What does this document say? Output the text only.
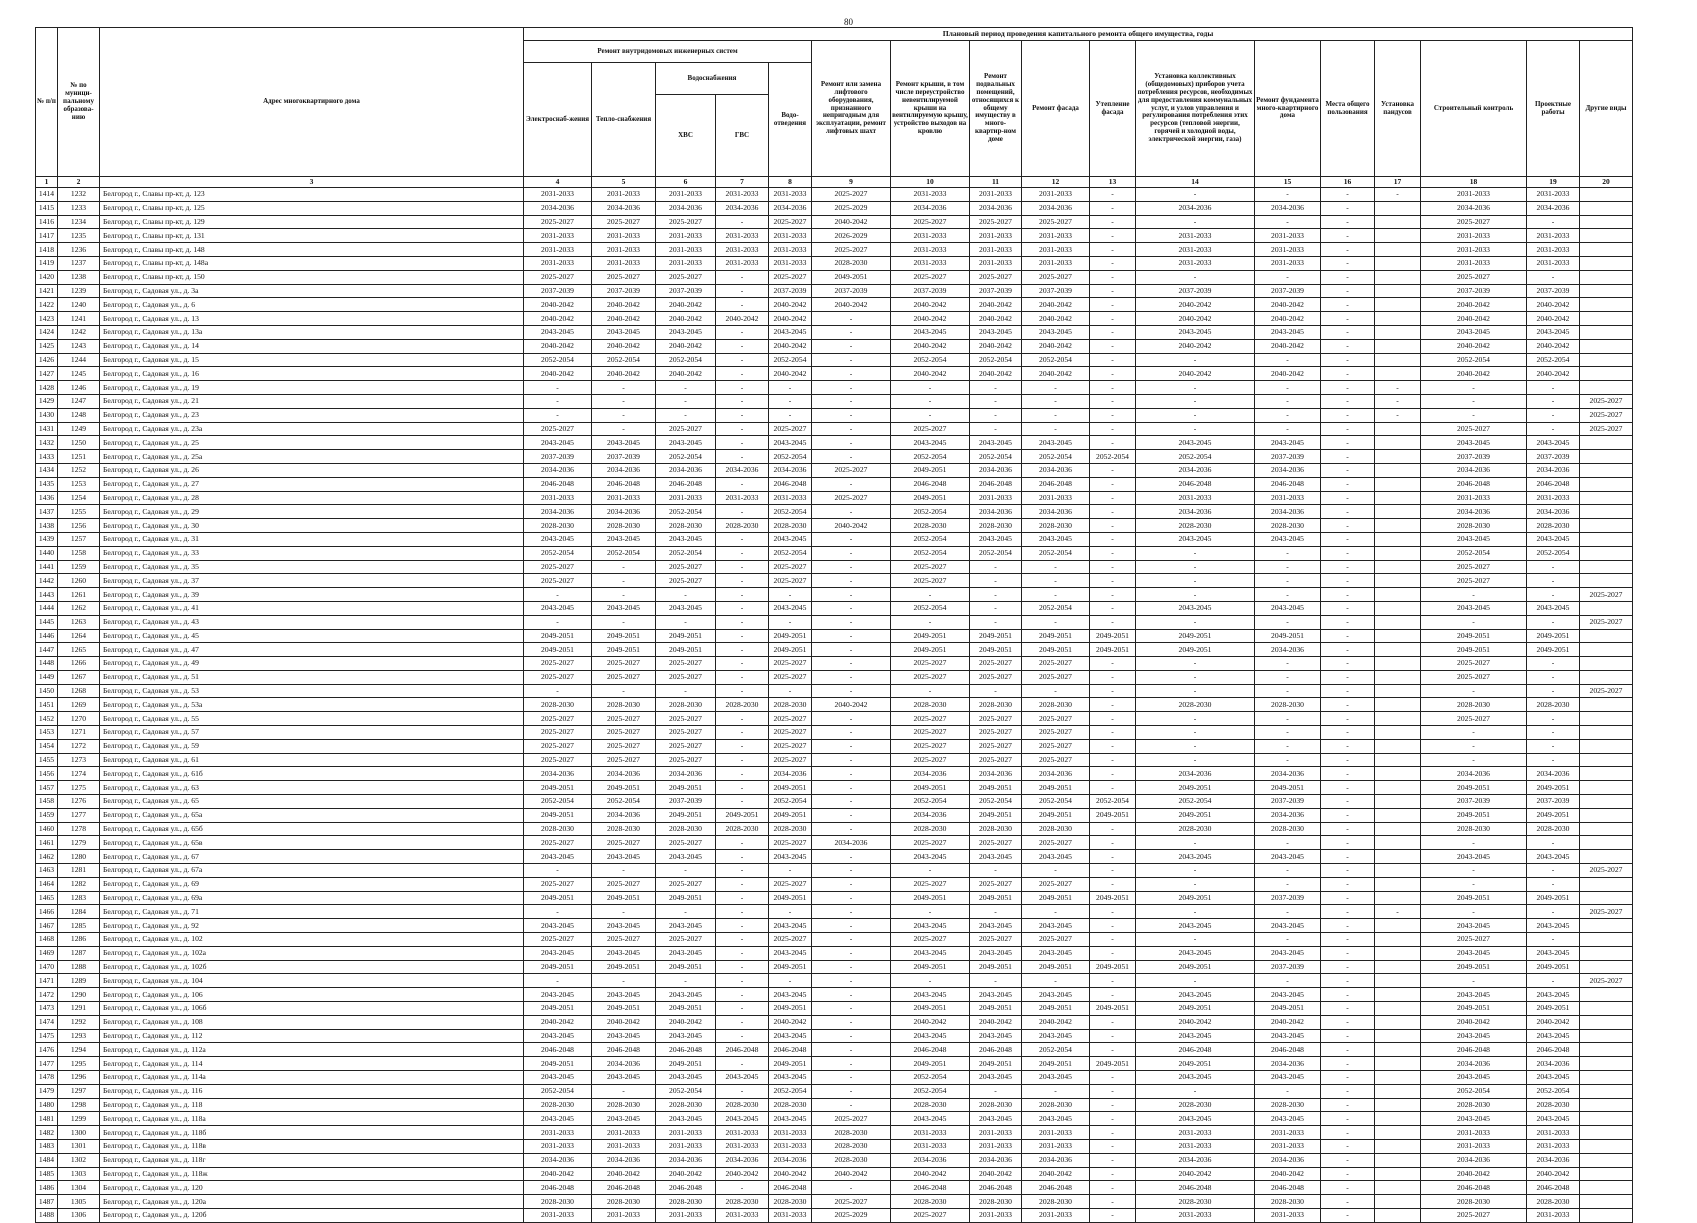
80
№ п/п	№ по муници-пальному образова-нию	Адрес многоквартирного дома	Плановый период проведения капитального ремонта общего имущества, годы																
			Ремонт внутридомовых инженерных систем					Ремонт или замена лифтового оборудования, признанного непригодным для эксплуатации, ремонт лифтовых шахт	Ремонт крыши, в том числе переустройство невентилируемой крыши на вентилируемую крышу, устройство выходов на кровлю	Ремонт подвальных помещений, относящихся к общему имуществу в много-квартир-ном доме	Ремонт фасада	Утепление фасада	Установка коллективных (общедомовых) приборов учета потребления ресурсов, необходимых для предоставления коммунальных услуг, и узлов управления и регулирования потребления этих ресурсов (тепловой энергии, горячей и холодной воды, электрической энергии, газа)	Ремонт фундамента много-квартирного дома	Места общего пользования	Установка пандусов	Строительный контроль	Проектные работы	Другие виды
			Электроснаб-жения	Тепло-снабжения	Водоснабжения		Водо-отведения												
					ХВС	ГВС													
1	2	3	4	5	6	7	8	9	10	11	12	13	14	15	16	17	18	19	20
1414	1232	Белгород г., Славы пр-кт, д. 123	2031-2033	2031-2033	2031-2033	2031-2033	2031-2033	2025-2027	2031-2033	2031-2033	2031-2033	-	-	-	-	-	2031-2033	2031-2033	
1415	1233	Белгород г., Славы пр-кт, д. 125	2034-2036	2034-2036	2034-2036	2034-2036	2034-2036	2025-2029	2034-2036	2034-2036	2034-2036	-	2034-2036	2034-2036	-		2034-2036	2034-2036	
1416	1234	Белгород г., Славы пр-кт, д. 129	2025-2027	2025-2027	2025-2027	-	2025-2027	2040-2042	2025-2027	2025-2027	2025-2027	-	-	-	-		2025-2027	-	
1417	1235	Белгород г., Славы пр-кт, д. 131	2031-2033	2031-2033	2031-2033	2031-2033	2031-2033	2026-2029	2031-2033	2031-2033	2031-2033	-	2031-2033	2031-2033	-		2031-2033	2031-2033	
1418	1236	Белгород г., Славы пр-кт, д. 148	2031-2033	2031-2033	2031-2033	2031-2033	2031-2033	2025-2027	2031-2033	2031-2033	2031-2033	-	2031-2033	2031-2033	-		2031-2033	2031-2033	
1419	1237	Белгород г., Славы пр-кт, д. 148а	2031-2033	2031-2033	2031-2033	2031-2033	2031-2033	2028-2030	2031-2033	2031-2033	2031-2033	-	2031-2033	2031-2033	-		2031-2033	2031-2033	
1420	1238	Белгород г., Славы пр-кт, д. 150	2025-2027	2025-2027	2025-2027	-	2025-2027	2049-2051	2025-2027	2025-2027	2025-2027	-	-	-	-		2025-2027	-	
1421	1239	Белгород г., Садовая ул., д. 3а	2037-2039	2037-2039	2037-2039	-	2037-2039	2037-2039	2037-2039	2037-2039	2037-2039	-	2037-2039	2037-2039	-		2037-2039	2037-2039	
1422	1240	Белгород г., Садовая ул., д. 6	2040-2042	2040-2042	2040-2042	-	2040-2042	2040-2042	2040-2042	2040-2042	2040-2042	-	2040-2042	2040-2042	-		2040-2042	2040-2042	
1423	1241	Белгород г., Садовая ул., д. 13	2040-2042	2040-2042	2040-2042	2040-2042	2040-2042	-	2040-2042	2040-2042	2040-2042	-	2040-2042	2040-2042	-		2040-2042	2040-2042	
1424	1242	Белгород г., Садовая ул., д. 13а	2043-2045	2043-2045	2043-2045	-	2043-2045	-	2043-2045	2043-2045	2043-2045	-	2043-2045	2043-2045	-		2043-2045	2043-2045	
1425	1243	Белгород г., Садовая ул., д. 14	2040-2042	2040-2042	2040-2042	-	2040-2042	-	2040-2042	2040-2042	2040-2042	-	2040-2042	2040-2042	-		2040-2042	2040-2042	
1426	1244	Белгород г., Садовая ул., д. 15	2052-2054	2052-2054	2052-2054	-	2052-2054	-	2052-2054	2052-2054	2052-2054	-	-	-	-		2052-2054	2052-2054	
1427	1245	Белгород г., Садовая ул., д. 16	2040-2042	2040-2042	2040-2042	-	2040-2042	-	2040-2042	2040-2042	2040-2042	-	2040-2042	2040-2042	-		2040-2042	2040-2042	
1428	1246	Белгород г., Садовая ул., д. 19	-	-	-	-	-	-	-	-	-	-	-	-	-	-	-	-	
1429	1247	Белгород г., Садовая ул., д. 21	-	-	-	-	-	-	-	-	-	-	-	-	-	-	-	-	2025-2027
1430	1248	Белгород г., Садовая ул., д. 23	-	-	-	-	-	-	-	-	-	-	-	-	-	-	-	-	2025-2027
1431	1249	Белгород г., Садовая ул., д. 23а	2025-2027	-	2025-2027	-	2025-2027	-	2025-2027	-	-	-	-	-	-		2025-2027	-	2025-2027
1432	1250	Белгород г., Садовая ул., д. 25	2043-2045	2043-2045	2043-2045	-	2043-2045	-	2043-2045	2043-2045	2043-2045	-	2043-2045	2043-2045	-		2043-2045	2043-2045	
1433	1251	Белгород г., Садовая ул., д. 25а	2037-2039	2037-2039	2052-2054	-	2052-2054	-	2052-2054	2052-2054	2052-2054	2052-2054	2052-2054	2037-2039	-		2037-2039	2037-2039	
1434	1252	Белгород г., Садовая ул., д. 26	2034-2036	2034-2036	2034-2036	2034-2036	2034-2036	2025-2027	2049-2051	2034-2036	2034-2036	-	2034-2036	2034-2036	-		2034-2036	2034-2036	
1435	1253	Белгород г., Садовая ул., д. 27	2046-2048	2046-2048	2046-2048	-	2046-2048	-	2046-2048	2046-2048	2046-2048	-	2046-2048	2046-2048	-		2046-2048	2046-2048	
1436	1254	Белгород г., Садовая ул., д. 28	2031-2033	2031-2033	2031-2033	2031-2033	2031-2033	2025-2027	2049-2051	2031-2033	2031-2033	-	2031-2033	2031-2033	-		2031-2033	2031-2033	
1437	1255	Белгород г., Садовая ул., д. 29	2034-2036	2034-2036	2052-2054	-	2052-2054	-	2052-2054	2034-2036	2034-2036	-	2034-2036	2034-2036	-		2034-2036	2034-2036	
1438	1256	Белгород г., Садовая ул., д. 30	2028-2030	2028-2030	2028-2030	2028-2030	2028-2030	2040-2042	2028-2030	2028-2030	2028-2030	-	2028-2030	2028-2030	-		2028-2030	2028-2030	
1439	1257	Белгород г., Садовая ул., д. 31	2043-2045	2043-2045	2043-2045	-	2043-2045	-	2052-2054	2043-2045	2043-2045	-	2043-2045	2043-2045	-		2043-2045	2043-2045	
1440	1258	Белгород г., Садовая ул., д. 33	2052-2054	2052-2054	2052-2054	-	2052-2054	-	2052-2054	2052-2054	2052-2054	-	-	-	-		2052-2054	2052-2054	
1441	1259	Белгород г., Садовая ул., д. 35	2025-2027	-	2025-2027	-	2025-2027	-	2025-2027	-	-	-	-	-	-		2025-2027	-	
1442	1260	Белгород г., Садовая ул., д. 37	2025-2027	-	2025-2027	-	2025-2027	-	2025-2027	-	-	-	-	-	-		2025-2027	-	
1443	1261	Белгород г., Садовая ул., д. 39	-	-	-	-	-	-	-	-	-	-	-	-	-		-	-	2025-2027
1444	1262	Белгород г., Садовая ул., д. 41	2043-2045	2043-2045	2043-2045	-	2043-2045	-	2052-2054	-	2052-2054	-	2043-2045	2043-2045	-		2043-2045	2043-2045	
1445	1263	Белгород г., Садовая ул., д. 43	-	-	-	-	-	-	-	-	-	-	-	-	-		-	-	2025-2027
1446	1264	Белгород г., Садовая ул., д. 45	2049-2051	2049-2051	2049-2051	-	2049-2051	-	2049-2051	2049-2051	2049-2051	2049-2051	2049-2051	2049-2051	-		2049-2051	2049-2051	
1447	1265	Белгород г., Садовая ул., д. 47	2049-2051	2049-2051	2049-2051	-	2049-2051	-	2049-2051	2049-2051	2049-2051	2049-2051	2049-2051	2034-2036	-		2049-2051	2049-2051	
1448	1266	Белгород г., Садовая ул., д. 49	2025-2027	2025-2027	2025-2027	-	2025-2027	-	2025-2027	2025-2027	2025-2027	-	-	-	-		2025-2027	-	
1449	1267	Белгород г., Садовая ул., д. 51	2025-2027	2025-2027	2025-2027	-	2025-2027	-	2025-2027	2025-2027	2025-2027	-	-	-	-		2025-2027	-	
1450	1268	Белгород г., Садовая ул., д. 53	-	-	-	-	-	-	-	-	-	-	-	-	-		-	-	2025-2027
1451	1269	Белгород г., Садовая ул., д. 53а	2028-2030	2028-2030	2028-2030	2028-2030	2028-2030	2040-2042	2028-2030	2028-2030	2028-2030	-	2028-2030	2028-2030	-		2028-2030	2028-2030	
1452	1270	Белгород г., Садовая ул., д. 55	2025-2027	2025-2027	2025-2027	-	2025-2027	-	2025-2027	2025-2027	2025-2027	-	-	-	-		2025-2027	-	
1453	1271	Белгород г., Садовая ул., д. 57	2025-2027	2025-2027	2025-2027	-	2025-2027	-	2025-2027	2025-2027	2025-2027	-	-	-	-		-	-	
1454	1272	Белгород г., Садовая ул., д. 59	2025-2027	2025-2027	2025-2027	-	2025-2027	-	2025-2027	2025-2027	2025-2027	-	-	-	-		-	-	
1455	1273	Белгород г., Садовая ул., д. 61	2025-2027	2025-2027	2025-2027	-	2025-2027	-	2025-2027	2025-2027	2025-2027	-	-	-	-		-	-	
1456	1274	Белгород г., Садовая ул., д. 61б	2034-2036	2034-2036	2034-2036	-	2034-2036	-	2034-2036	2034-2036	2034-2036	-	2034-2036	2034-2036	-		2034-2036	2034-2036	
1457	1275	Белгород г., Садовая ул., д. 63	2049-2051	2049-2051	2049-2051	-	2049-2051	-	2049-2051	2049-2051	2049-2051	-	2049-2051	2049-2051	-		2049-2051	2049-2051	
1458	1276	Белгород г., Садовая ул., д. 65	2052-2054	2052-2054	2037-2039	-	2052-2054	-	2052-2054	2052-2054	2052-2054	2052-2054	2052-2054	2037-2039	-		2037-2039	2037-2039	
1459	1277	Белгород г., Садовая ул., д. 65а	2049-2051	2034-2036	2049-2051	2049-2051	2049-2051	-	2034-2036	2049-2051	2049-2051	2049-2051	2049-2051	2034-2036	-		2049-2051	2049-2051	
1460	1278	Белгород г., Садовая ул., д. 65б	2028-2030	2028-2030	2028-2030	2028-2030	2028-2030	-	2028-2030	2028-2030	2028-2030	-	2028-2030	2028-2030	-		2028-2030	2028-2030	
1461	1279	Белгород г., Садовая ул., д. 65в	2025-2027	2025-2027	2025-2027	-	2025-2027	2034-2036	2025-2027	2025-2027	2025-2027	-	-	-	-		-	-	
1462	1280	Белгород г., Садовая ул., д. 67	2043-2045	2043-2045	2043-2045	-	2043-2045	-	2043-2045	2043-2045	2043-2045	-	2043-2045	2043-2045	-		2043-2045	2043-2045	
1463	1281	Белгород г., Садовая ул., д. 67а	-	-	-	-	-	-	-	-	-	-	-	-	-		-	-	2025-2027
1464	1282	Белгород г., Садовая ул., д. 69	2025-2027	2025-2027	2025-2027	-	2025-2027	-	2025-2027	2025-2027	2025-2027	-	-	-	-		-	-	
1465	1283	Белгород г., Садовая ул., д. 69а	2049-2051	2049-2051	2049-2051	-	2049-2051	-	2049-2051	2049-2051	2049-2051	2049-2051	2049-2051	2037-2039	-		2049-2051	2049-2051	
1466	1284	Белгород г., Садовая ул., д. 71	-	-	-	-	-	-	-	-	-	-	-	-	-	-	-	-	2025-2027
1467	1285	Белгород г., Садовая ул., д. 92	2043-2045	2043-2045	2043-2045	-	2043-2045	-	2043-2045	2043-2045	2043-2045	-	2043-2045	2043-2045	-		2043-2045	2043-2045	
1468	1286	Белгород г., Садовая ул., д. 102	2025-2027	2025-2027	2025-2027	-	2025-2027	-	2025-2027	2025-2027	2025-2027	-	-	-	-		2025-2027	-	
1469	1287	Белгород г., Садовая ул., д. 102а	2043-2045	2043-2045	2043-2045	-	2043-2045	-	2043-2045	2043-2045	2043-2045	-	2043-2045	2043-2045	-		2043-2045	2043-2045	
1470	1288	Белгород г., Садовая ул., д. 102б	2049-2051	2049-2051	2049-2051	-	2049-2051	-	2049-2051	2049-2051	2049-2051	2049-2051	2049-2051	2037-2039	-		2049-2051	2049-2051	
1471	1289	Белгород г., Садовая ул., д. 104	-	-	-	-	-	-	-	-	-	-	-	-	-		-	-	2025-2027
1472	1290	Белгород г., Садовая ул., д. 106	2043-2045	2043-2045	2043-2045	-	2043-2045	-	2043-2045	2043-2045	2043-2045	-	2043-2045	2043-2045	-		2043-2045	2043-2045	
1473	1291	Белгород г., Садовая ул., д. 106б	2049-2051	2049-2051	2049-2051	-	2049-2051	-	2049-2051	2049-2051	2049-2051	2049-2051	2049-2051	2049-2051	-		2049-2051	2049-2051	
1474	1292	Белгород г., Садовая ул., д. 108	2040-2042	2040-2042	2040-2042	-	2040-2042	-	2040-2042	2040-2042	2040-2042	-	2040-2042	2040-2042	-		2040-2042	2040-2042	
1475	1293	Белгород г., Садовая ул., д. 112	2043-2045	2043-2045	2043-2045	-	2043-2045	-	2043-2045	2043-2045	2043-2045	-	2043-2045	2043-2045	-		2043-2045	2043-2045	
1476	1294	Белгород г., Садовая ул., д. 112а	2046-2048	2046-2048	2046-2048	2046-2048	2046-2048	-	2046-2048	2046-2048	2052-2054	-	2046-2048	2046-2048	-		2046-2048	2046-2048	
1477	1295	Белгород г., Садовая ул., д. 114	2049-2051	2034-2036	2049-2051	-	2049-2051	-	2049-2051	2049-2051	2049-2051	2049-2051	2049-2051	2034-2036	-		2034-2036	2034-2036	
1478	1296	Белгород г., Садовая ул., д. 114а	2043-2045	2043-2045	2043-2045	2043-2045	2043-2045	-	2052-2054	2043-2045	2043-2045	-	2043-2045	2043-2045	-		2043-2045	2043-2045	
1479	1297	Белгород г., Садовая ул., д. 116	2052-2054	-	2052-2054	-	2052-2054	-	2052-2054	-	-	-	-	-	-		2052-2054	2052-2054	
1480	1298	Белгород г., Садовая ул., д. 118	2028-2030	2028-2030	2028-2030	2028-2030	2028-2030	-	2028-2030	2028-2030	2028-2030	-	2028-2030	2028-2030	-		2028-2030	2028-2030	
1481	1299	Белгород г., Садовая ул., д. 118а	2043-2045	2043-2045	2043-2045	2043-2045	2043-2045	2025-2027	2043-2045	2043-2045	2043-2045	-	2043-2045	2043-2045	-		2043-2045	2043-2045	
1482	1300	Белгород г., Садовая ул., д. 118б	2031-2033	2031-2033	2031-2033	2031-2033	2031-2033	2028-2030	2031-2033	2031-2033	2031-2033	-	2031-2033	2031-2033	-		2031-2033	2031-2033	
1483	1301	Белгород г., Садовая ул., д. 118в	2031-2033	2031-2033	2031-2033	2031-2033	2031-2033	2028-2030	2031-2033	2031-2033	2031-2033	-	2031-2033	2031-2033	-		2031-2033	2031-2033	
1484	1302	Белгород г., Садовая ул., д. 118г	2034-2036	2034-2036	2034-2036	2034-2036	2034-2036	2028-2030	2034-2036	2034-2036	2034-2036	-	2034-2036	2034-2036	-		2034-2036	2034-2036	
1485	1303	Белгород г., Садовая ул., д. 118ж	2040-2042	2040-2042	2040-2042	2040-2042	2040-2042	2040-2042	2040-2042	2040-2042	2040-2042	-	2040-2042	2040-2042	-		2040-2042	2040-2042	
1486	1304	Белгород г., Садовая ул., д. 120	2046-2048	2046-2048	2046-2048	-	2046-2048	-	2046-2048	2046-2048	2046-2048	-	2046-2048	2046-2048	-		2046-2048	2046-2048	
1487	1305	Белгород г., Садовая ул., д. 120а	2028-2030	2028-2030	2028-2030	2028-2030	2028-2030	2025-2027	2028-2030	2028-2030	2028-2030	-	2028-2030	2028-2030	-		2028-2030	2028-2030	
1488	1306	Белгород г., Садовая ул., д. 120б	2031-2033	2031-2033	2031-2033	2031-2033	2031-2033	2025-2029	2025-2027	2031-2033	2031-2033	-	2031-2033	2031-2033	-		2025-2027	2031-2033	
